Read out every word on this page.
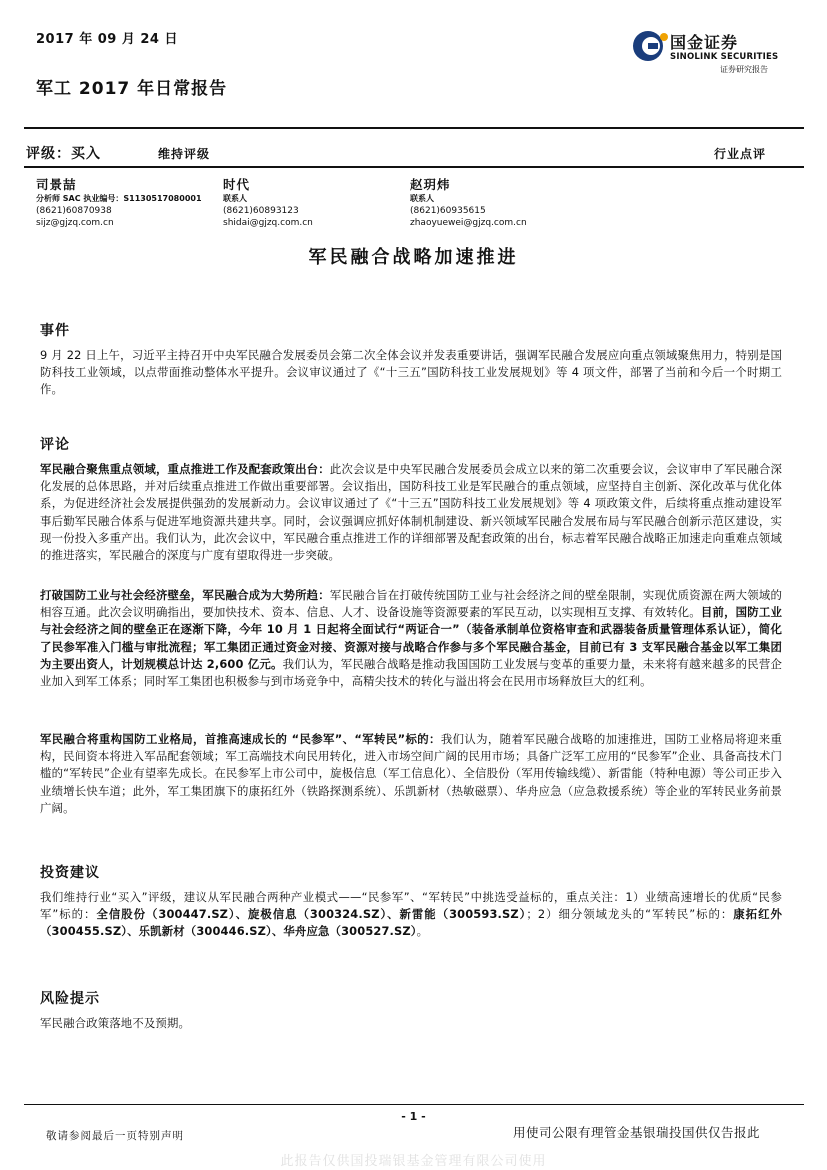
2017 年 09 月 24 日
军工 2017 年日常报告
国金证券
SINOLINK SECURITIES
证券研究报告
评级：买入	维持评级	行业点评
司景喆
分析师 SAC 执业编号：S1130517080001
(8621)60870938
sijz@gjzq.com.cn
时代
联系人
(8621)60893123
shidai@gjzq.com.cn
赵玥炜
联系人
(8621)60935615
zhaoyuewei@gjzq.com.cn
军民融合战略加速推进
事件
9 月 22 日上午，习近平主持召开中央军民融合发展委员会第二次全体会议并发表重要讲话，强调军民融合发展应向重点领域聚焦用力，特别是国防科技工业领域，以点带面推动整体水平提升。会议审议通过了《“十三五”国防科技工业发展规划》等 4 项文件，部署了当前和今后一个时期工作。
评论
军民融合聚焦重点领域，重点推进工作及配套政策出台：此次会议是中央军民融合发展委员会成立以来的第二次重要会议，会议审申了军民融合深化发展的总体思路，并对后续重点推进工作做出重要部署。会议指出，国防科技工业是军民融合的重点领域，应坚持自主创新、深化改革与优化体系，为促进经济社会发展提供强劲的发展新动力。会议审议通过了《“十三五”国防科技工业发展规划》等 4 项政策文件，后续将重点推动建设军事后勤军民融合体系与促进军地资源共建共享。同时，会议强调应抓好体制机制建设、新兴领域军民融合发展布局与军民融合创新示范区建设，实现一份投入多重产出。我们认为，此次会议中，军民融合重点推进工作的详细部署及配套政策的出台，标志着军民融合战略正加速走向重难点领域的推进落实，军民融合的深度与广度有望取得进一步突破。
打破国防工业与社会经济壁垒，军民融合成为大势所趋：军民融合旨在打破传统国防工业与社会经济之间的壁垒限制，实现优质资源在两大领域的相容互通。此次会议明确指出，要加快技术、资本、信息、人才、设备设施等资源要素的军民互动，以实现相互支撑、有效转化。目前，国防工业与社会经济之间的壁垒正在逐渐下降，今年 10 月 1 日起将全面试行“两证合一”（装备承制单位资格审查和武器装备质量管理体系认证），简化了民参军准入门槛与审批流程；军工集团正通过资金对接、资源对接与战略合作参与多个军民融合基金，目前已有 3 支军民融合基金以军工集团为主要出资人，计划规模总计达 2,600 亿元。我们认为，军民融合战略是推动我国国防工业发展与变革的重要力量，未来将有越来越多的民营企业加入到军工体系；同时军工集团也积极参与到市场竞争中，高精尖技术的转化与溢出将会在民用市场释放巨大的红利。
军民融合将重构国防工业格局，首推高速成长的 “民参军”、“军转民”标的：我们认为，随着军民融合战略的加速推进，国防工业格局将迎来重构，民间资本将进入军品配套领域；军工高端技术向民用转化，进入市场空间广阔的民用市场；具备广泛军工应用的“民参军”企业、具备高技术门槛的“军转民”企业有望率先成长。在民参军上市公司中，旋极信息（军工信息化）、全信股份（军用传输线缆）、新雷能（特种电源）等公司正步入业绩增长快车道；此外，军工集团旗下的康拓红外（铁路探测系统）、乐凯新材（热敏磁票）、华舟应急（应急救援系统）等企业的军转民业务前景广阔。
投资建议
我们维持行业“买入”评级，建议从军民融合两种产业模式——“民参军”、“军转民”中挑选受益标的，重点关注：1）业绩高速增长的优质“民参军”标的：全信股份（300447.SZ）、旋极信息（300324.SZ）、新雷能（300593.SZ）；2）细分领域龙头的“军转民”标的：康拓红外（300455.SZ）、乐凯新材（300446.SZ）、华舟应急（300527.SZ）。
风险提示
军民融合政策落地不及预期。
- 1 -
敬请参阅最后一页特别声明	用使司公限有理管金基银瑞投国供仅告报此
此报告仅供国投瑞银基金管理有限公司使用
